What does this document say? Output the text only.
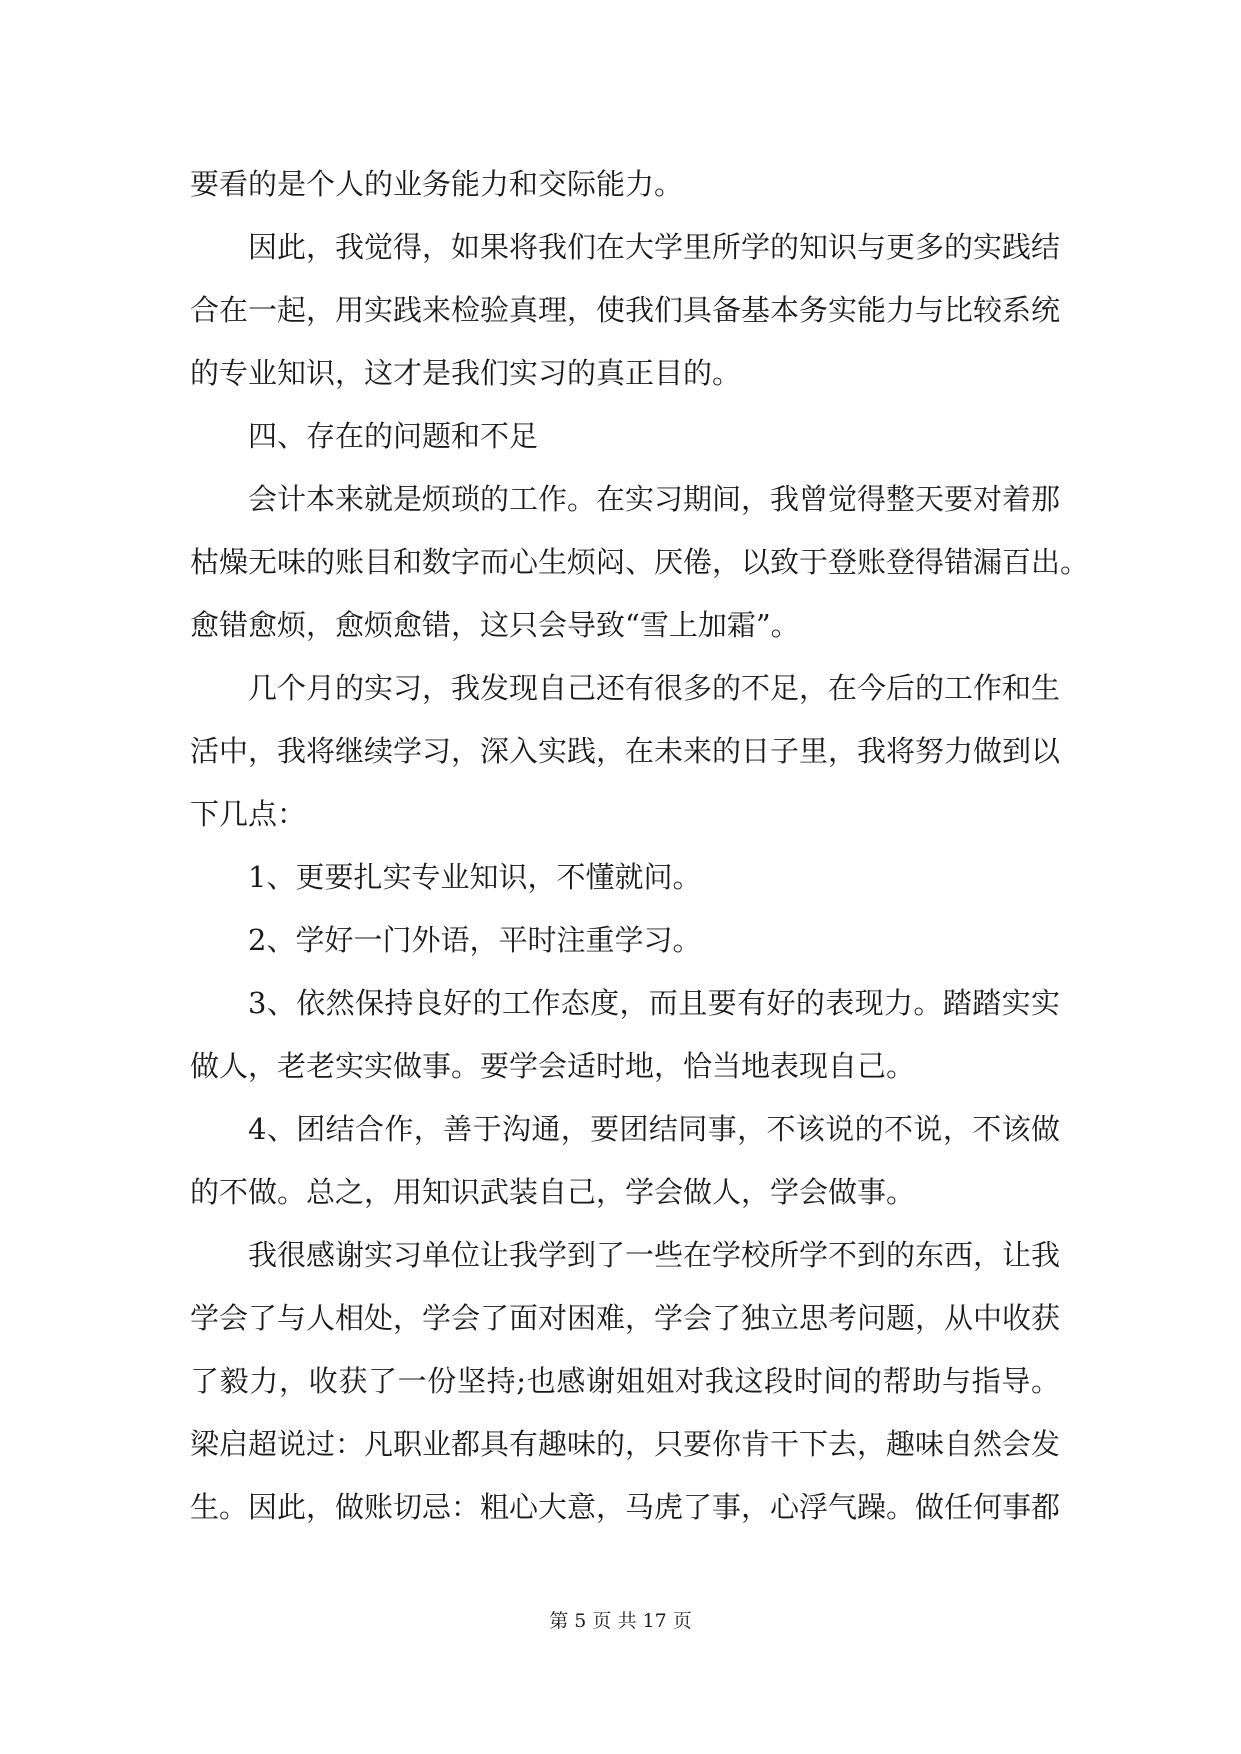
要看的是个人的业务能力和交际能力。
因此，我觉得，如果将我们在大学里所学的知识与更多的实践结
合在一起，用实践来检验真理，使我们具备基本务实能力与比较系统
的专业知识，这才是我们实习的真正目的。
四、存在的问题和不足
会计本来就是烦琐的工作。在实习期间，我曾觉得整天要对着那
枯燥无味的账目和数字而心生烦闷、厌倦，以致于登账登得错漏百出。
愈错愈烦，愈烦愈错，这只会导致“雪上加霜”。
几个月的实习，我发现自己还有很多的不足，在今后的工作和生
活中，我将继续学习，深入实践，在未来的日子里，我将努力做到以
下几点：
1、更要扎实专业知识，不懂就问。
2、学好一门外语，平时注重学习。
3、依然保持良好的工作态度，而且要有好的表现力。踏踏实实
做人，老老实实做事。要学会适时地，恰当地表现自己。
4、团结合作，善于沟通，要团结同事，不该说的不说，不该做
的不做。总之，用知识武装自己，学会做人，学会做事。
我很感谢实习单位让我学到了一些在学校所学不到的东西，让我
学会了与人相处，学会了面对困难，学会了独立思考问题，从中收获
了毅力，收获了一份坚持;也感谢姐姐对我这段时间的帮助与指导。
梁启超说过：凡职业都具有趣味的，只要你肯干下去，趣味自然会发
生。因此，做账切忌：粗心大意，马虎了事，心浮气躁。做任何事都
第 5 页 共 17 页
